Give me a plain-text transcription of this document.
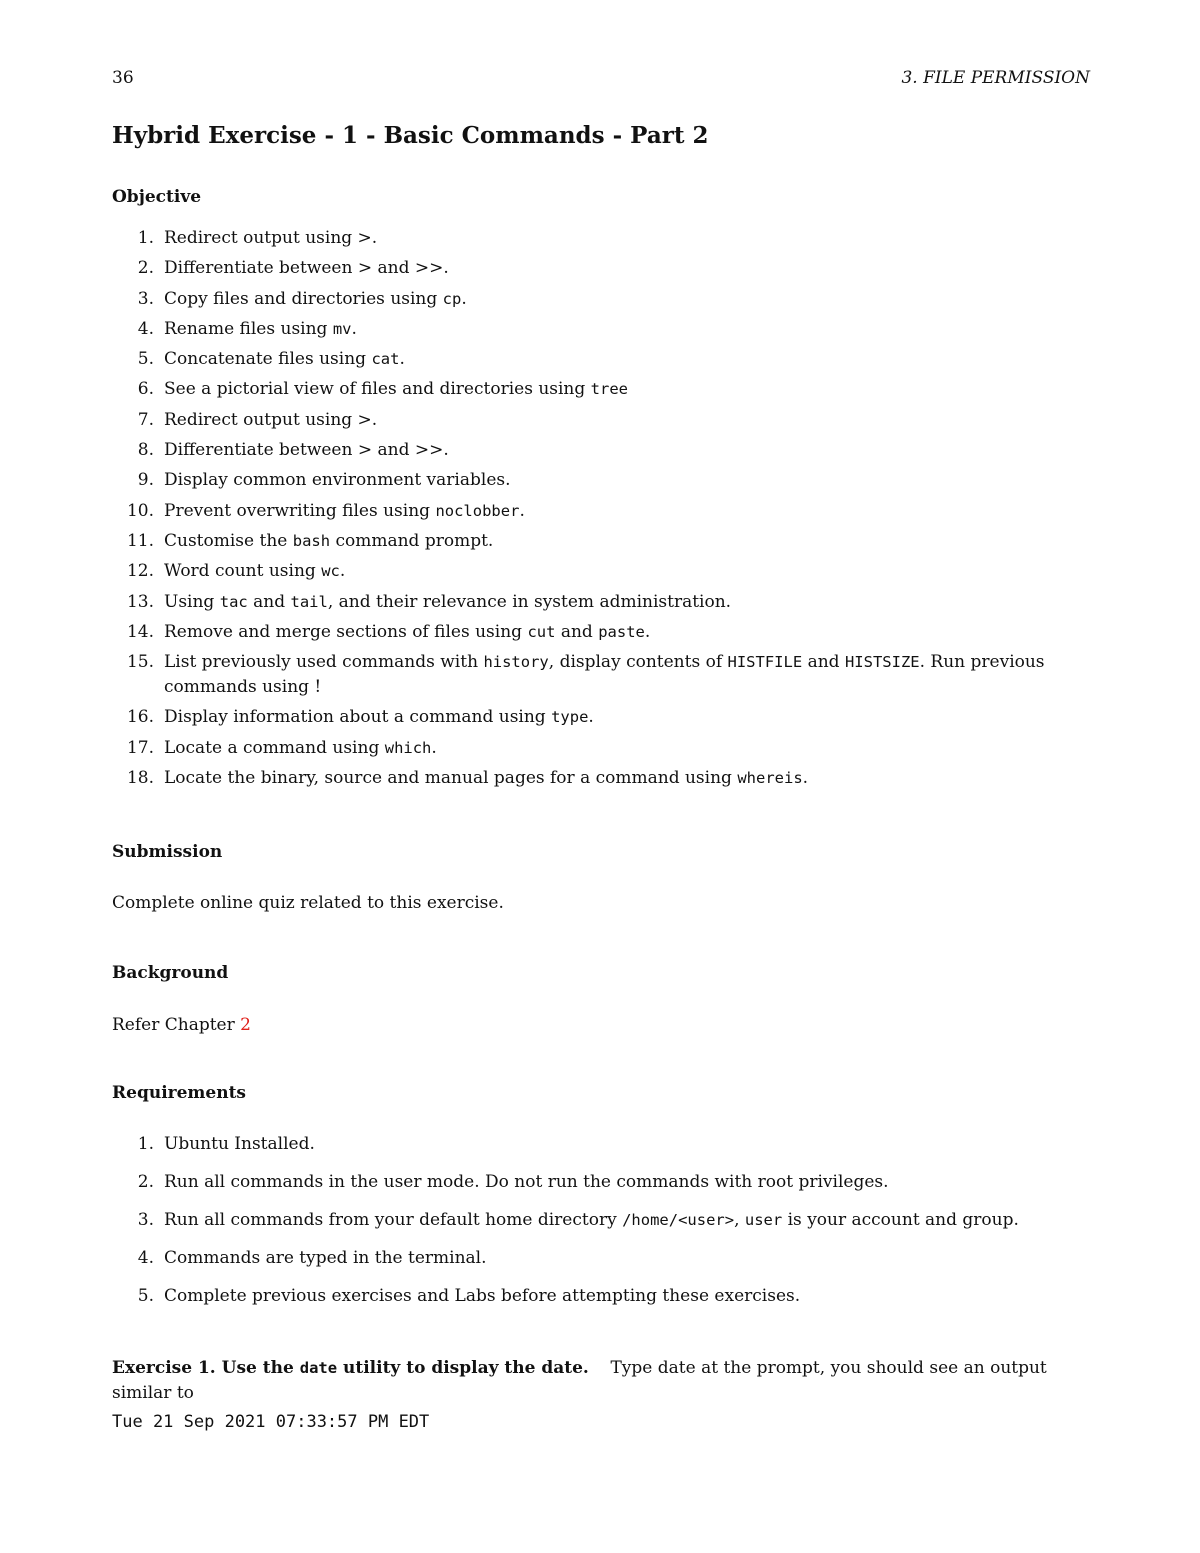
36	3. FILE PERMISSION
Hybrid Exercise - 1 - Basic Commands - Part 2
Objective
1. Redirect output using >.
2. Differentiate between > and >>.
3. Copy files and directories using cp.
4. Rename files using mv.
5. Concatenate files using cat.
6. See a pictorial view of files and directories using tree
7. Redirect output using >.
8. Differentiate between > and >>.
9. Display common environment variables.
10. Prevent overwriting files using noclobber.
11. Customise the bash command prompt.
12. Word count using wc.
13. Using tac and tail, and their relevance in system administration.
14. Remove and merge sections of files using cut and paste.
15. List previously used commands with history, display contents of HISTFILE and HISTSIZE. Run previous commands using !
16. Display information about a command using type.
17. Locate a command using which.
18. Locate the binary, source and manual pages for a command using whereis.
Submission

Complete online quiz related to this exercise.

Background

Refer Chapter 2

Requirements
1. Ubuntu Installed.
2. Run all commands in the user mode. Do not run the commands with root privileges.
3. Run all commands from your default home directory /home/<user>, user is your account and group.
4. Commands are typed in the terminal.
5. Complete previous exercises and Labs before attempting these exercises.

Exercise 1. Use the date utility to display the date. Type date at the prompt, you should see an output similar to

Tue 21 Sep 2021 07:33:57 PM EDT
